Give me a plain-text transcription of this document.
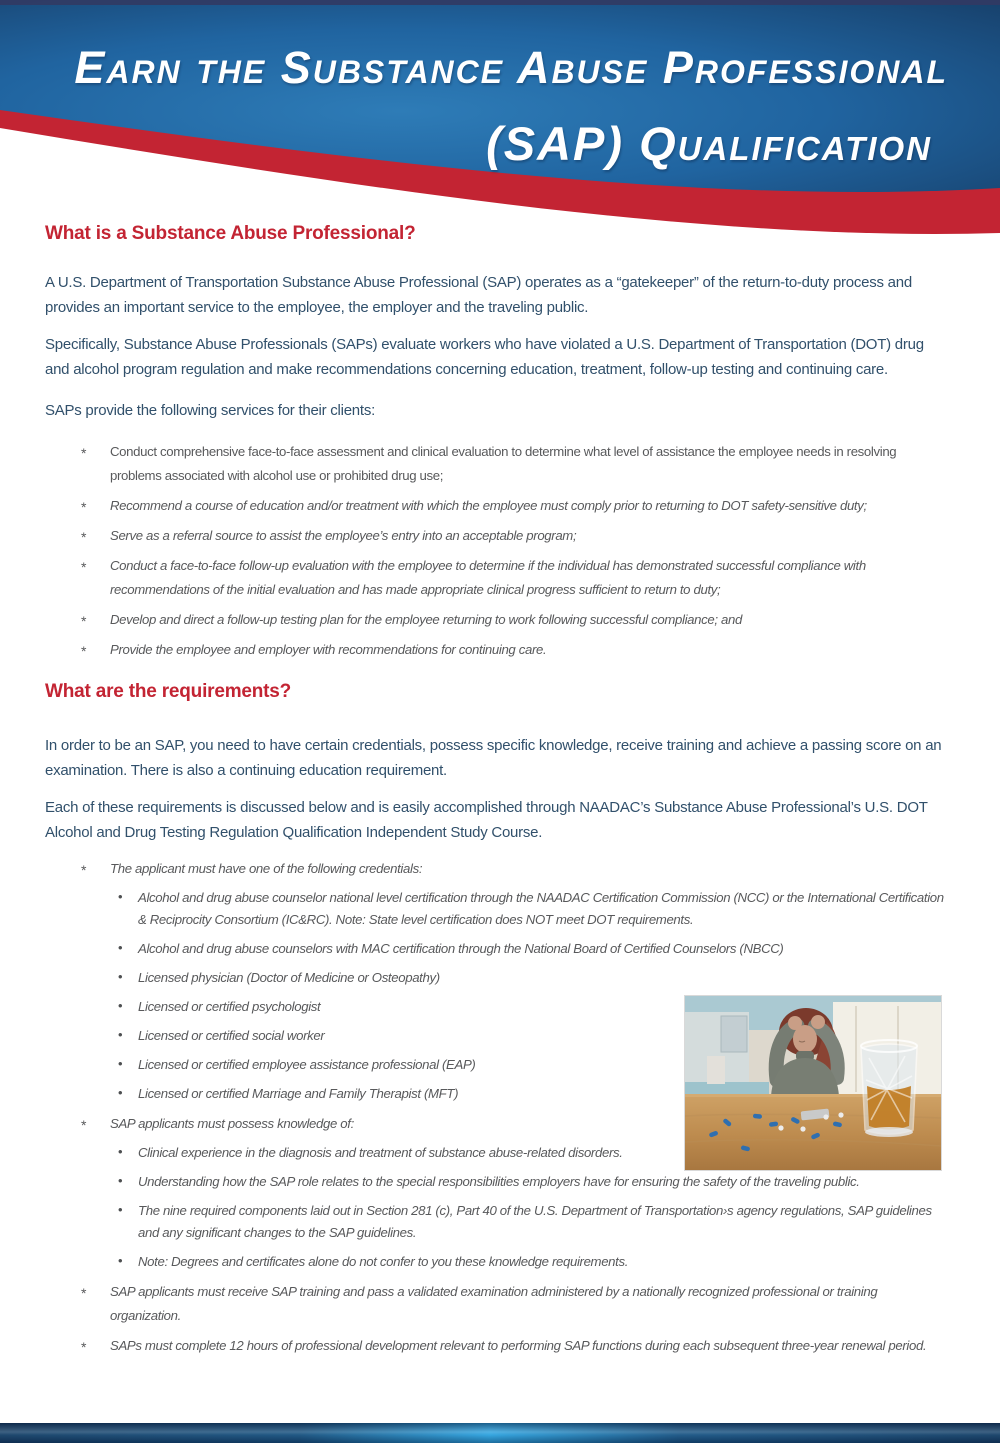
Earn the Substance Abuse Professional
(SAP) Qualification
What is a Substance Abuse Professional?

A U.S. Department of Transportation Substance Abuse Professional (SAP) operates as a “gatekeeper” of the return-to-duty process and provides an important service to the employee, the employer and the traveling public.

Specifically, Substance Abuse Professionals (SAPs) evaluate workers who have violated a U.S. Department of Transportation (DOT) drug and alcohol program regulation and make recommendations concerning education, treatment, follow-up testing and continuing care.

SAPs provide the following services for their clients:

* Conduct comprehensive face-to-face assessment and clinical evaluation to determine what level of assistance the employee needs in resolving problems associated with alcohol use or prohibited drug use;
* Recommend a course of education and/or treatment with which the employee must comply prior to returning to DOT safety-sensitive duty;
* Serve as a referral source to assist the employee’s entry into an acceptable program;
* Conduct a face-to-face follow-up evaluation with the employee to determine if the individual has demonstrated successful compliance with recommendations of the initial evaluation and has made appropriate clinical progress sufficient to return to duty;
* Develop and direct a follow-up testing plan for the employee returning to work following successful compliance; and
* Provide the employee and employer with recommendations for continuing care.
What are the requirements?

In order to be an SAP, you need to have certain credentials, possess specific knowledge, receive training and achieve a passing score on an examination. There is also a continuing education requirement.

Each of these requirements is discussed below and is easily accomplished through NAADAC’s Substance Abuse Professional’s U.S. DOT Alcohol and Drug Testing Regulation Qualification Independent Study Course.

* The applicant must have one of the following credentials:
• Alcohol and drug abuse counselor national level certification through the NAADAC Certification Commission (NCC) or the International Certification & Reciprocity Consortium (IC&RC). Note: State level certification does NOT meet DOT requirements.
• Alcohol and drug abuse counselors with MAC certification through the National Board of Certified Counselors (NBCC)
• Licensed physician (Doctor of Medicine or Osteopathy)
• Licensed or certified psychologist
• Licensed or certified social worker
• Licensed or certified employee assistance professional (EAP)
• Licensed or certified Marriage and Family Therapist (MFT)
* SAP applicants must possess knowledge of:
• Clinical experience in the diagnosis and treatment of substance abuse-related disorders.
• Understanding how the SAP role relates to the special responsibilities employers have for ensuring the safety of the traveling public.
• The nine required components laid out in Section 281 (c), Part 40 of the U.S. Department of Transportation›s agency regulations, SAP guidelines and any significant changes to the SAP guidelines.
• Note: Degrees and certificates alone do not confer to you these knowledge requirements.
* SAP applicants must receive SAP training and pass a validated examination administered by a nationally recognized professional or training organization.
* SAPs must complete 12 hours of professional development relevant to performing SAP functions during each subsequent three-year renewal period.
